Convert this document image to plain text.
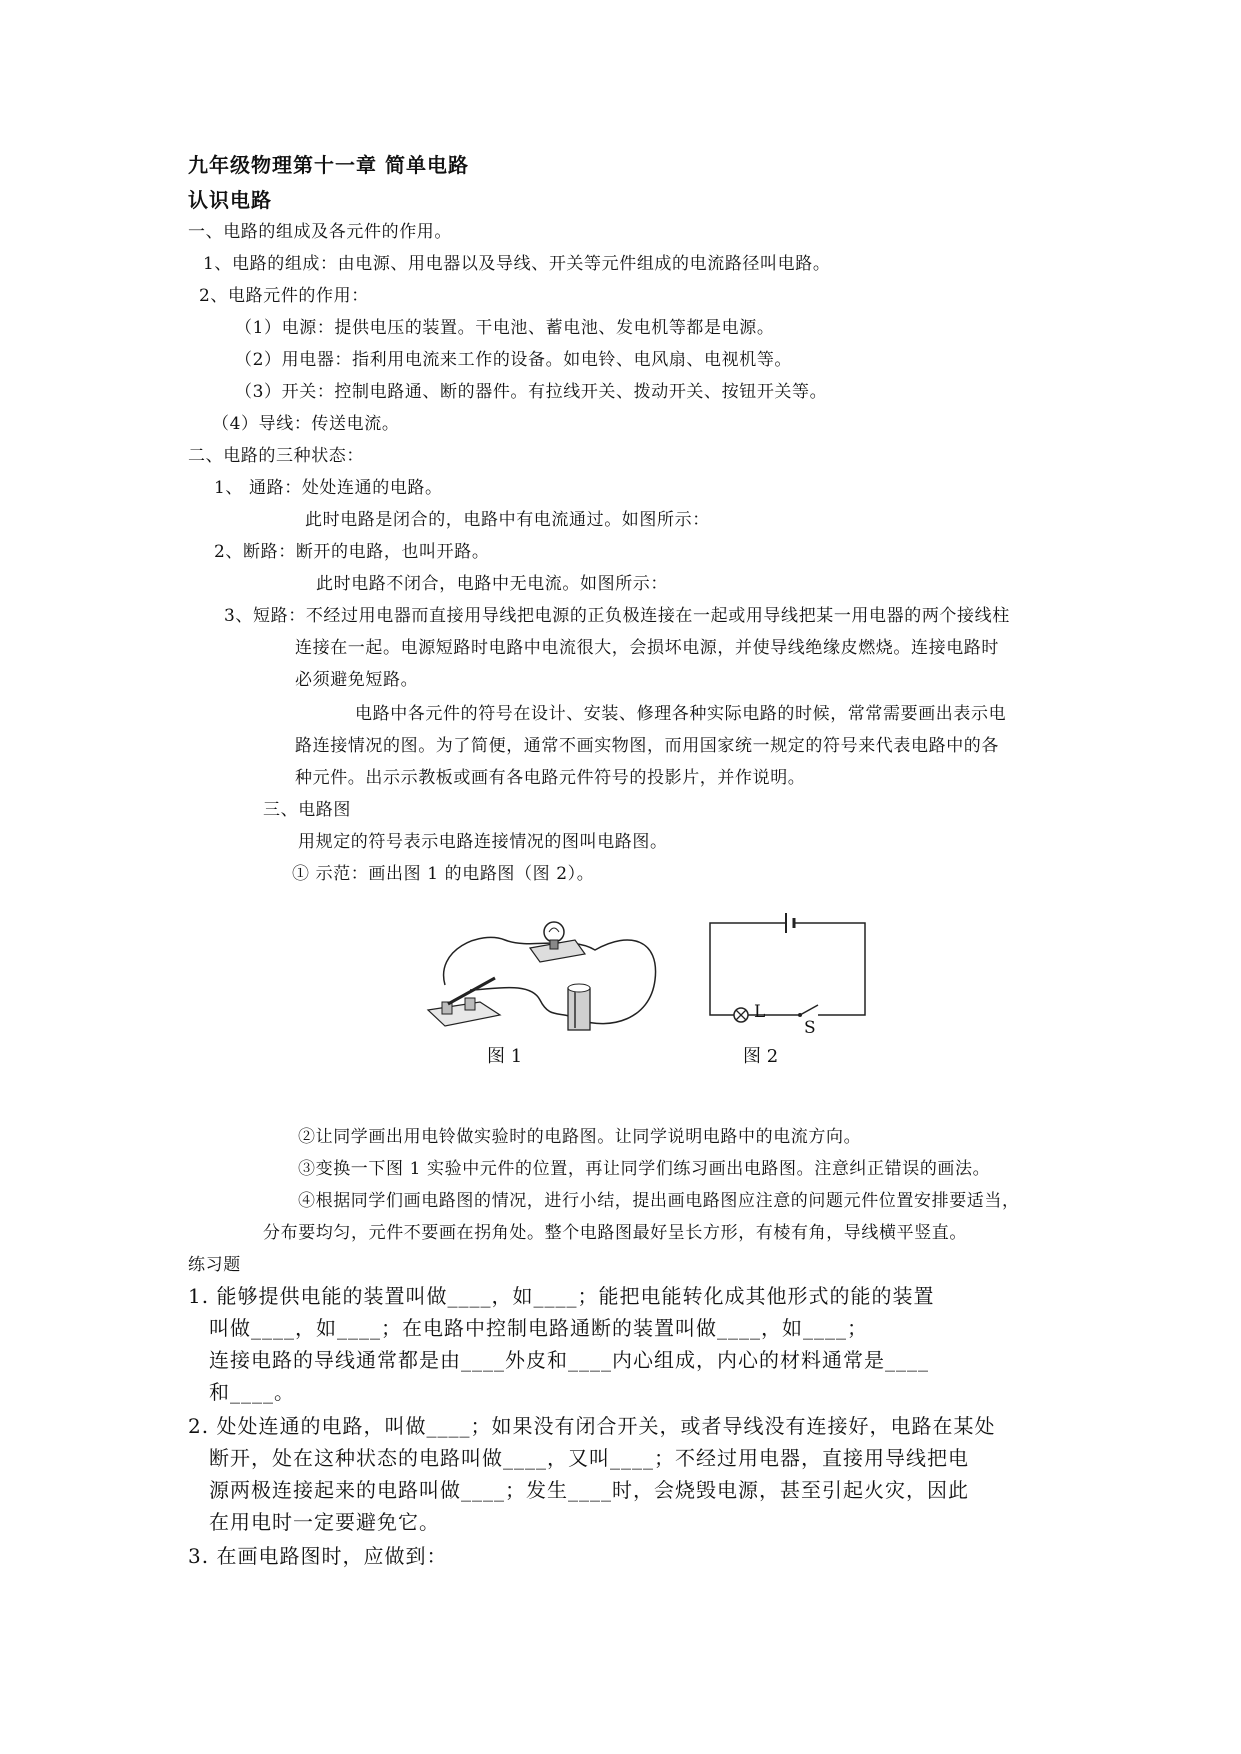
九年级物理第十一章 简单电路
认识电路
一、电路的组成及各元件的作用。
1、电路的组成：由电源、用电器以及导线、开关等元件组成的电流路径叫电路。
2、电路元件的作用：
（1）电源：提供电压的装置。干电池、蓄电池、发电机等都是电源。
（2）用电器：指利用电流来工作的设备。如电铃、电风扇、电视机等。
（3）开关：控制电路通、断的器件。有拉线开关、拨动开关、按钮开关等。
（4）导线：传送电流。
二、电路的三种状态：
1、 通路：处处连通的电路。
此时电路是闭合的，电路中有电流通过。如图所示：
2、断路：断开的电路，也叫开路。
此时电路不闭合，电路中无电流。如图所示：
3、短路：不经过用电器而直接用导线把电源的正负极连接在一起或用导线把某一用电器的两个接线柱
连接在一起。电源短路时电路中电流很大，会损坏电源，并使导线绝缘皮燃烧。连接电路时
必须避免短路。
电路中各元件的符号在设计、安装、修理各种实际电路的时候，常常需要画出表示电
路连接情况的图。为了简便，通常不画实物图，而用国家统一规定的符号来代表电路中的各
种元件。出示示教板或画有各电路元件符号的投影片，并作说明。
三、电路图
用规定的符号表示电路连接情况的图叫电路图。
① 示范：画出图 1 的电路图（图 2）。
图 1
L
S
图 2
②让同学画出用电铃做实验时的电路图。让同学说明电路中的电流方向。
③变换一下图 1 实验中元件的位置，再让同学们练习画出电路图。注意纠正错误的画法。
④根据同学们画电路图的情况，进行小结，提出画电路图应注意的问题元件位置安排要适当，
分布要均匀，元件不要画在拐角处。整个电路图最好呈长方形，有棱有角，导线横平竖直。
练习题
1. 能够提供电能的装置叫做____，如____；能把电能转化成其他形式的能的装置
叫做____，如____；在电路中控制电路通断的装置叫做____，如____；
连接电路的导线通常都是由____外皮和____内心组成，内心的材料通常是____
和____。
2. 处处连通的电路，叫做____；如果没有闭合开关，或者导线没有连接好，电路在某处
断开，处在这种状态的电路叫做____，又叫____；不经过用电器，直接用导线把电
源两极连接起来的电路叫做____；发生____时，会烧毁电源，甚至引起火灾，因此
在用电时一定要避免它。
3. 在画电路图时，应做到：
